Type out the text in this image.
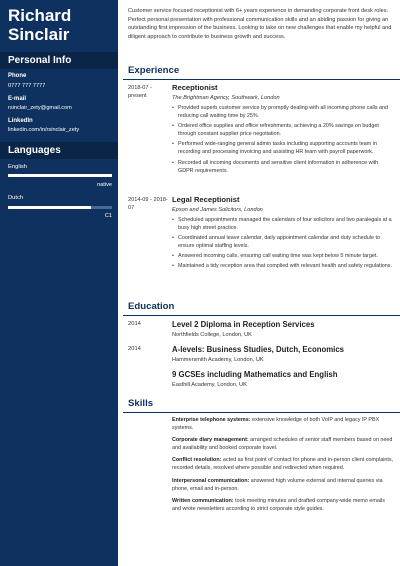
Richard
Sinclair
Personal Info
Phone
0777 777 7777
E-mail
rsinclair_zety@gmail.com
LinkedIn
linkedin.com/in/rsinclair_zety
Languages
English
native
Dutch
C1
Customer service focused receptionist with 6+ years experience in demanding corporate front desk roles. Perfect personal presentation with professional communication skills and an abiding passion for giving an outstanding first impression of the business. Looking to take on new challenges that enable my helpful and diligent approach to contribute to business growth and success.
Experience
2018-07 - present
Receptionist
The Brightman Agency, Southwark, London
• Provided superb customer service by promptly dealing with all incoming phone calls and reducing call waiting time by 25%.
• Ordered office supplies and office refreshments, achieving a 20% savings on budget through constant supplier price negotiation.
• Performed wide-ranging general admin tasks including supporting accounts team in recording and processing invoicing and assisting HR team with payroll paperwork.
• Recorded all incoming documents and sensitive client information in adherence with GDPR requirements.
2014-09 - 2018-07
Legal Receptionist
Epson and James Solicitors, London
• Scheduled appointments managed the calendars of four solicitors and two paralegals at a busy high street practice.
• Coordinated annual leave calendar, daily appointment calendar and duty schedule to ensure optimal staffing levels.
• Answered incoming calls, ensuring call waiting time was kept below 5 minute target.
• Maintained a tidy reception area that complied with relevant health and safety regulations.
Education
2014	Level 2 Diploma in Reception Services
Northfields College, London, UK
2014	A-levels: Business Studies, Dutch, Economics
Hammersmith Academy, London, UK
9 GCSEs including Mathematics and English
Easthill Academy, London, UK
Skills
Enterprise telephone systems: extensive knowledge of both VoIP and legacy IP PBX systems.
Corporate diary management: arranged schedules of senior staff members based on need and availability and booked corporate travel.
Conflict resolution: acted as first point of contact for phone and in-person client complaints, recorded details, resolved where possible and redirected when required.
Interpersonal communication: answered high volume external and internal queries via phone, email and in-person.
Written communication: took meeting minutes and drafted company-wide memo emails and wrote newsletters according to strict corporate style guides.
